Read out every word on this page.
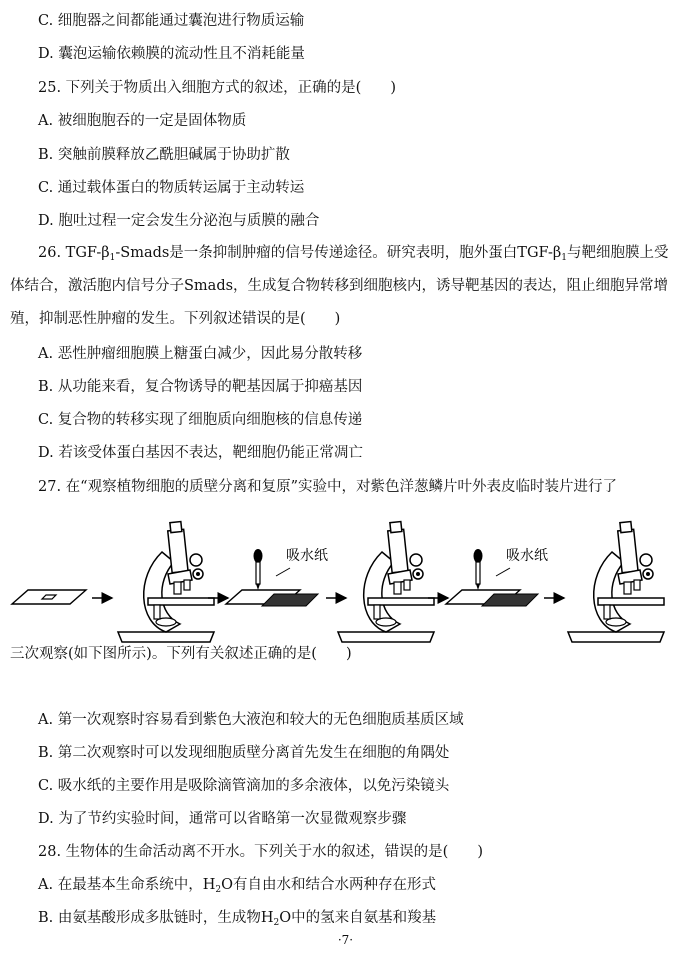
C. 细胞器之间都能通过囊泡进行物质运输
D. 囊泡运输依赖膜的流动性且不消耗能量
25. 下列关于物质出入细胞方式的叙述，正确的是(　　)
A. 被细胞胞吞的一定是固体物质
B. 突触前膜释放乙酰胆碱属于协助扩散
C. 通过载体蛋白的物质转运属于主动转运
D. 胞吐过程一定会发生分泌泡与质膜的融合
26. TGF-$\beta_1$-Smads是一条抑制肿瘤的信号传递途径。研究表明，胞外蛋白TGF-$\beta_1$与靶细胞膜上受体结合，激活胞内信号分子Smads，生成复合物转移到细胞核内，诱导靶基因的表达，阻止细胞异常增殖，抑制恶性肿瘤的发生。下列叙述错误的是(　　)
A. 恶性肿瘤细胞膜上糖蛋白减少，因此易分散转移
B. 从功能来看，复合物诱导的靶基因属于抑癌基因
C. 复合物的转移实现了细胞质向细胞核的信息传递
D. 若该受体蛋白基因不表达，靶细胞仍能正常凋亡
27. 在“观察植物细胞的质壁分离和复原”实验中，对紫色洋葱鳞片叶外表皮临时装片进行了
吸水纸	吸水纸
三次观察(如下图所示)。下列有关叙述正确的是(　　)
A. 第一次观察时容易看到紫色大液泡和较大的无色细胞质基质区域
B. 第二次观察时可以发现细胞质壁分离首先发生在细胞的角隅处
C. 吸水纸的主要作用是吸除滴管滴加的多余液体，以免污染镜头
D. 为了节约实验时间，通常可以省略第一次显微观察步骤
28. 生物体的生命活动离不开水。下列关于水的叙述，错误的是(　　)
A. 在最基本生命系统中，$H_2O$有自由水和结合水两种存在形式
B. 由氨基酸形成多肽链时，生成物$H_2O$中的氢来自氨基和羧基
·7·
